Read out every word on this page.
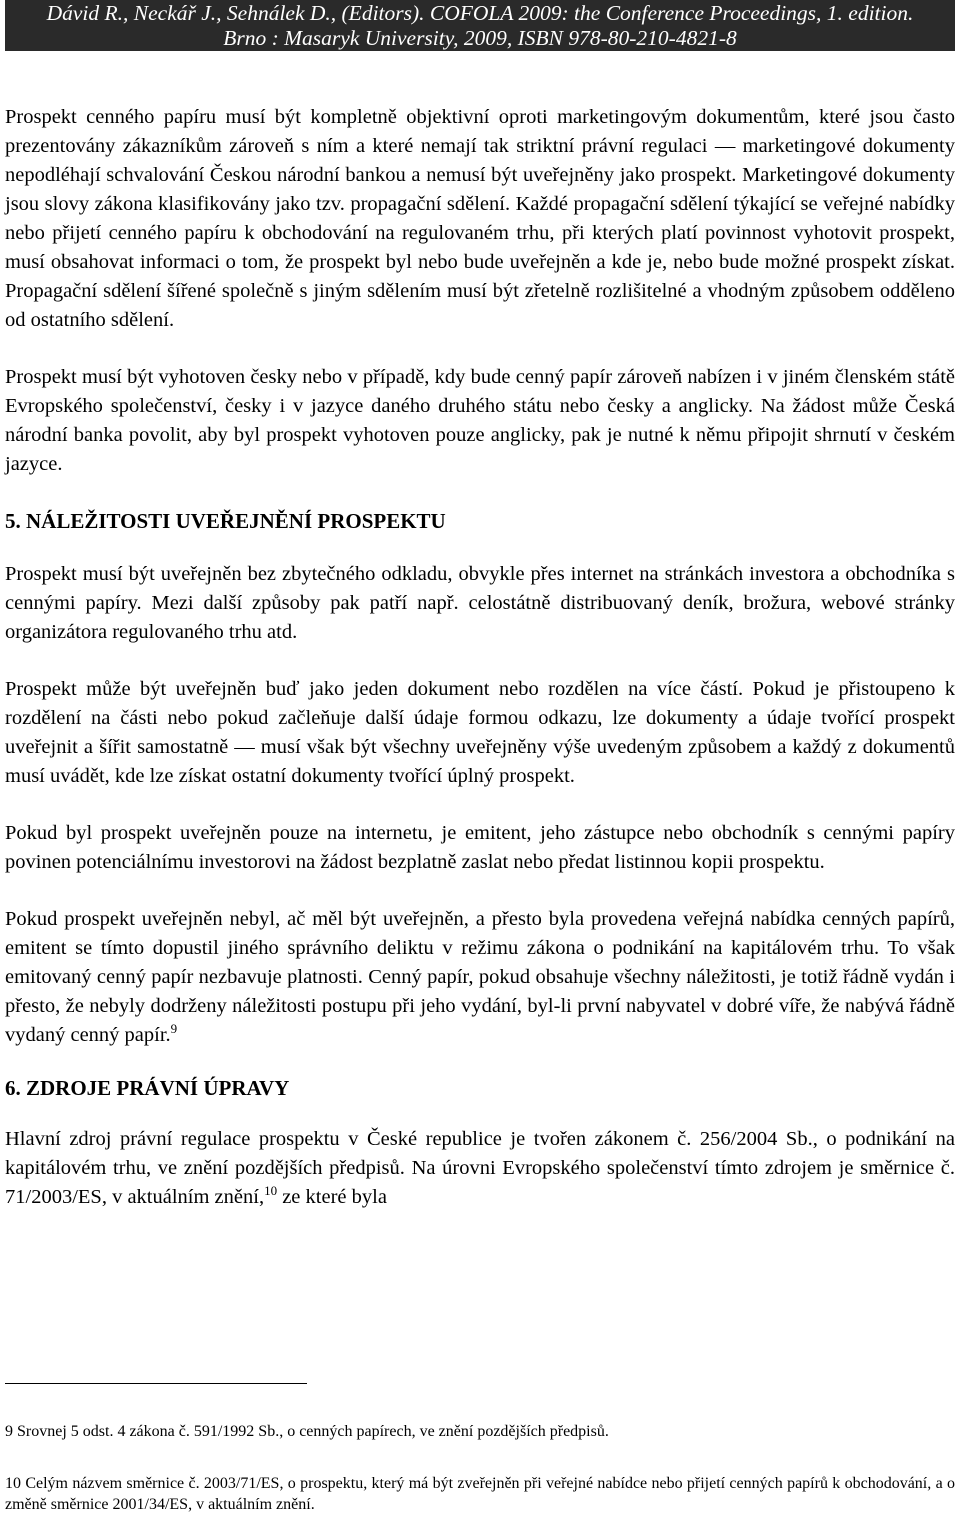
Dávid R., Neckář J., Sehnálek D., (Editors). COFOLA 2009: the Conference Proceedings, 1. edition.
Brno : Masaryk University, 2009, ISBN 978-80-210-4821-8

Prospekt cenného papíru musí být kompletně objektivní oproti marketingovým dokumentům, které jsou často prezentovány zákazníkům zároveň s ním a které nemají tak striktní právní regulaci — marketingové dokumenty nepodléhají schvalování Českou národní bankou a nemusí být uveřejněny jako prospekt. Marketingové dokumenty jsou slovy zákona klasifikovány jako tzv. propagační sdělení. Každé propagační sdělení týkající se veřejné nabídky nebo přijetí cenného papíru k obchodování na regulovaném trhu, při kterých platí povinnost vyhotovit prospekt, musí obsahovat informaci o tom, že prospekt byl nebo bude uveřejněn a kde je, nebo bude možné prospekt získat. Propagační sdělení šířené společně s jiným sdělením musí být zřetelně rozlišitelné a vhodným způsobem odděleno od ostatního sdělení.

Prospekt musí být vyhotoven česky nebo v případě, kdy bude cenný papír zároveň nabízen i v jiném členském státě Evropského společenství, česky i v jazyce daného druhého státu nebo česky a anglicky. Na žádost může Česká národní banka povolit, aby byl prospekt vyhotoven pouze anglicky, pak je nutné k němu připojit shrnutí v českém jazyce.

5. NÁLEŽITOSTI UVEŘEJNĚNÍ PROSPEKTU

Prospekt musí být uveřejněn bez zbytečného odkladu, obvykle přes internet na stránkách investora a obchodníka s cennými papíry. Mezi další způsoby pak patří např. celostátně distribuovaný deník, brožura, webové stránky organizátora regulovaného trhu atd.

Prospekt může být uveřejněn buď jako jeden dokument nebo rozdělen na více částí. Pokud je přistoupeno k rozdělení na části nebo pokud začleňuje další údaje formou odkazu, lze dokumenty a údaje tvořící prospekt uveřejnit a šířit samostatně — musí však být všechny uveřejněny výše uvedeným způsobem a každý z dokumentů musí uvádět, kde lze získat ostatní dokumenty tvořící úplný prospekt.

Pokud byl prospekt uveřejněn pouze na internetu, je emitent, jeho zástupce nebo obchodník s cennými papíry povinen potenciálnímu investorovi na žádost bezplatně zaslat nebo předat listinnou kopii prospektu.

Pokud prospekt uveřejněn nebyl, ač měl být uveřejněn, a přesto byla provedena veřejná nabídka cenných papírů, emitent se tímto dopustil jiného správního deliktu v režimu zákona o podnikání na kapitálovém trhu. To však emitovaný cenný papír nezbavuje platnosti. Cenný papír, pokud obsahuje všechny náležitosti, je totiž řádně vydán i přesto, že nebyly dodrženy náležitosti postupu při jeho vydání, byl-li první nabyvatel v dobré víře, že nabývá řádně vydaný cenný papír.$^9$

6. ZDROJE PRÁVNÍ ÚPRAVY

Hlavní zdroj právní regulace prospektu v České republice je tvořen zákonem č. 256/2004 Sb., o podnikání na kapitálovém trhu, ve znění pozdějších předpisů. Na úrovni Evropského společenství tímto zdrojem je směrnice č. 71/2003/ES, v aktuálním znění,$^{10}$ ze které byla

9 Srovnej 5 odst. 4 zákona č. 591/1992 Sb., o cenných papírech, ve znění pozdějších předpisů.

10 Celým názvem směrnice č. 2003/71/ES, o prospektu, který má být zveřejněn při veřejné nabídce nebo přijetí cenných papírů k obchodování, a o změně směrnice 2001/34/ES, v aktuálním znění.
